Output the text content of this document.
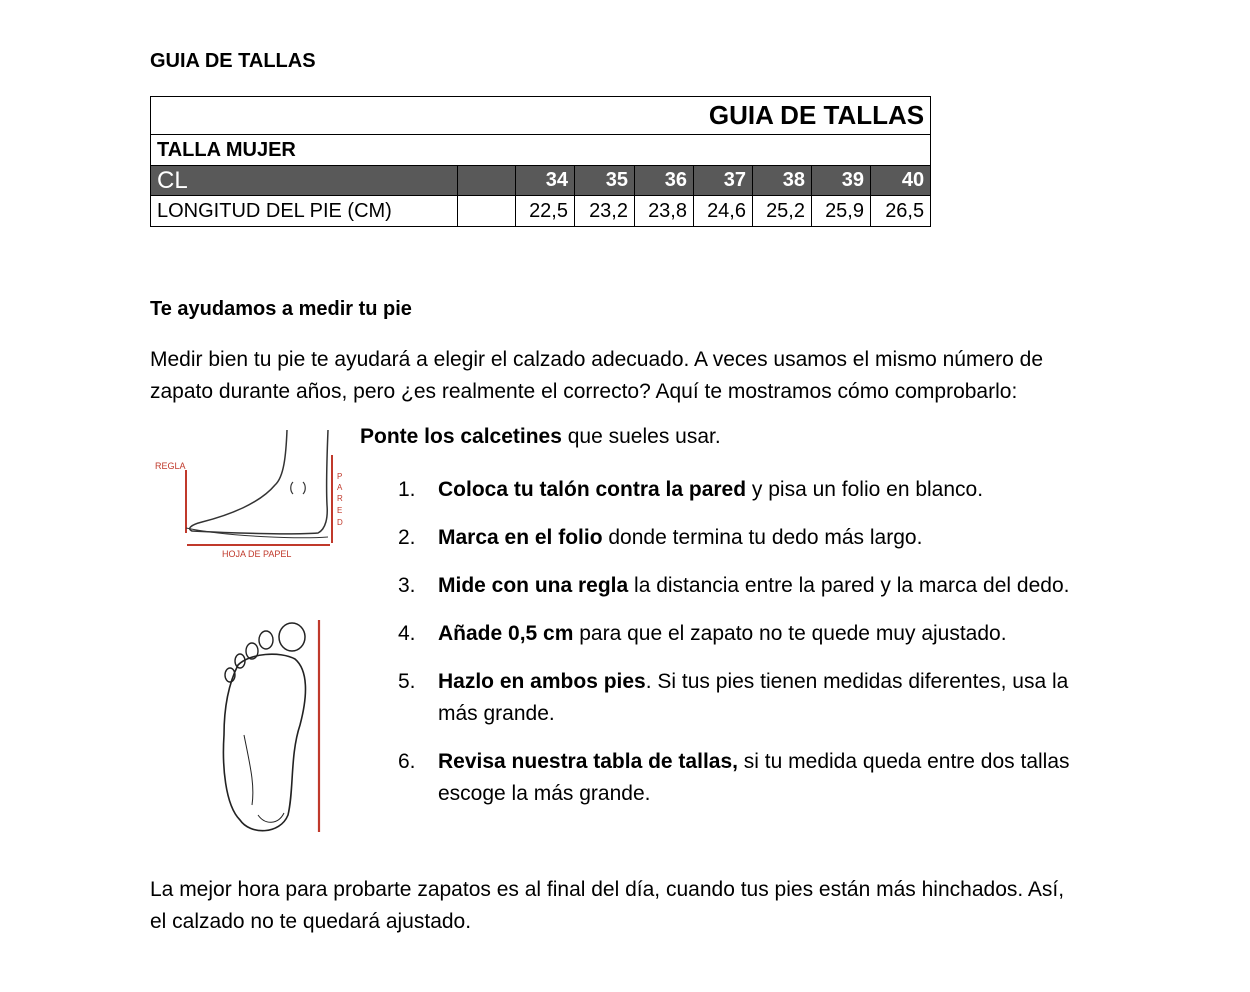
GUIA DE TALLAS
GUIA DE TALLAS								
TALLA MUJER								
CL		34	35	36	37	38	39	40
LONGITUD DEL PIE (CM)		22,5	23,2	23,8	24,6	25,2	25,9	26,5
Te ayudamos a medir tu pie
Medir bien tu pie te ayudará a elegir el calzado adecuado. A veces usamos el mismo número de zapato durante años, pero ¿es realmente el correcto? Aquí te mostramos cómo comprobarlo:
REGLA
P
A
R
E
D
HOJA DE PAPEL
Ponte los calcetines que sueles usar.
1. Coloca tu talón contra la pared y pisa un folio en blanco.
2. Marca en el folio donde termina tu dedo más largo.
3. Mide con una regla la distancia entre la pared y la marca del dedo.
4. Añade 0,5 cm para que el zapato no te quede muy ajustado.
5. Hazlo en ambos pies. Si tus pies tienen medidas diferentes, usa la más grande.
6. Revisa nuestra tabla de tallas, si tu medida queda entre dos tallas escoge la más grande.
La mejor hora para probarte zapatos es al final del día, cuando tus pies están más hinchados. Así, el calzado no te quedará ajustado.
